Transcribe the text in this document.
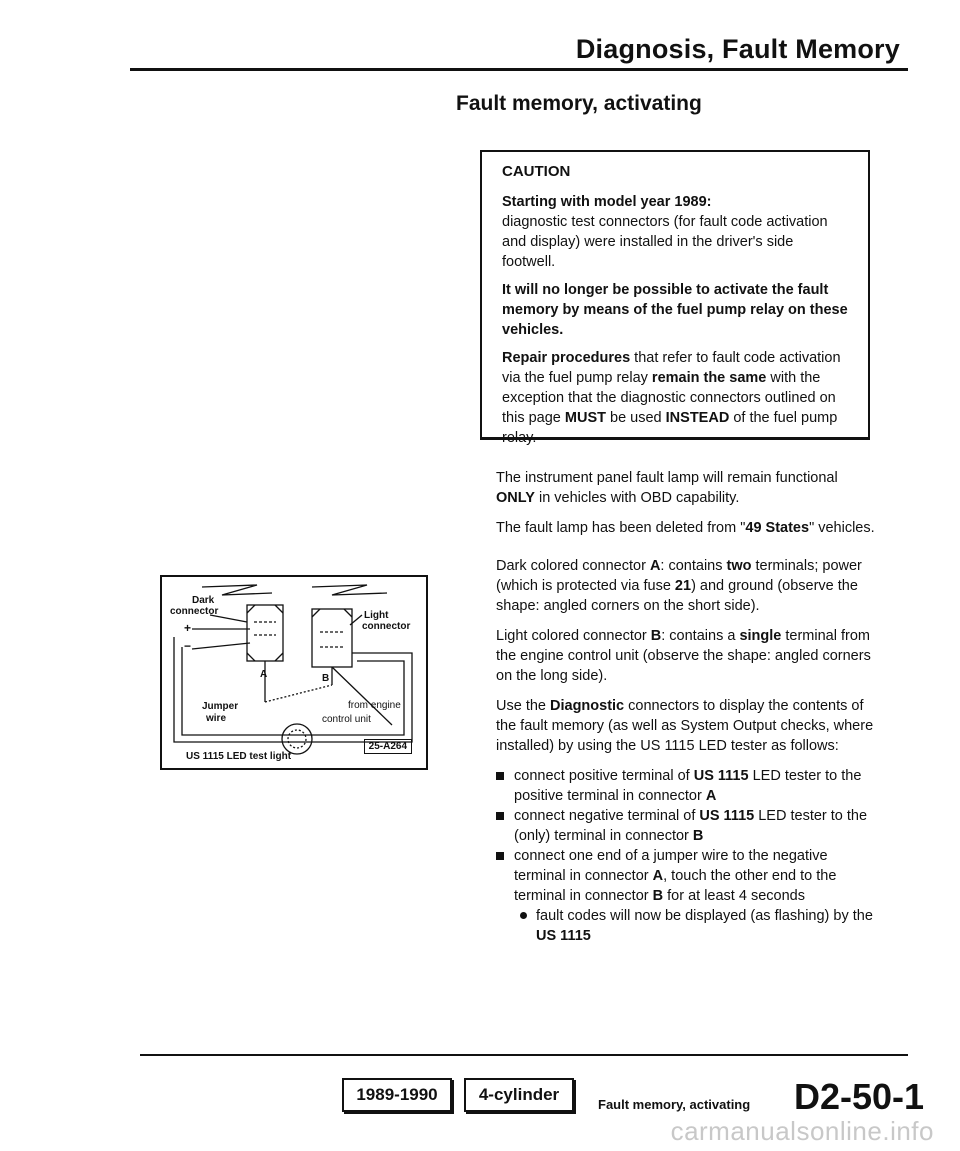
Diagnosis, Fault Memory
Fault memory, activating
CAUTION

Starting with model year 1989:
diagnostic test connectors (for fault code activation and display) were installed in the driver's side footwell.

It will no longer be possible to activate the fault memory by means of the fuel pump relay on these vehicles.

Repair procedures that refer to fault code activation via the fuel pump relay remain the same with the exception that the diagnostic connectors outlined on this page MUST be used INSTEAD of the fuel pump relay.

The instrument panel fault lamp will remain functional ONLY in vehicles with OBD capability.

The fault lamp has been deleted from "49 States" vehicles.

Dark colored connector A: contains two terminals; power (which is protected via fuse 21) and ground (observe the shape: angled corners on the short side).

Light colored connector B: contains a single terminal from the engine control unit (observe the shape: angled corners on the long side).

Use the Diagnostic connectors to display the contents of the fault memory (as well as System Output checks, where installed) by using the US 1115 LED tester as follows:

connect positive terminal of US 1115 LED tester to the positive terminal in connector A
connect negative terminal of US 1115 LED tester to the (only) terminal in connector B
connect one end of a jumper wire to the negative terminal in connector A, touch the other end to the terminal in connector B for at least 4 seconds
fault codes will now be displayed (as flashing) by the US 1115
Dark
connector	Light
connector
+
−
A	B
Jumper
wire
from engine
control unit
US 1115 LED test light
25-A264
1989-1990	4-cylinder
Fault memory, activating D2-50-1
carmanualsonline.info
